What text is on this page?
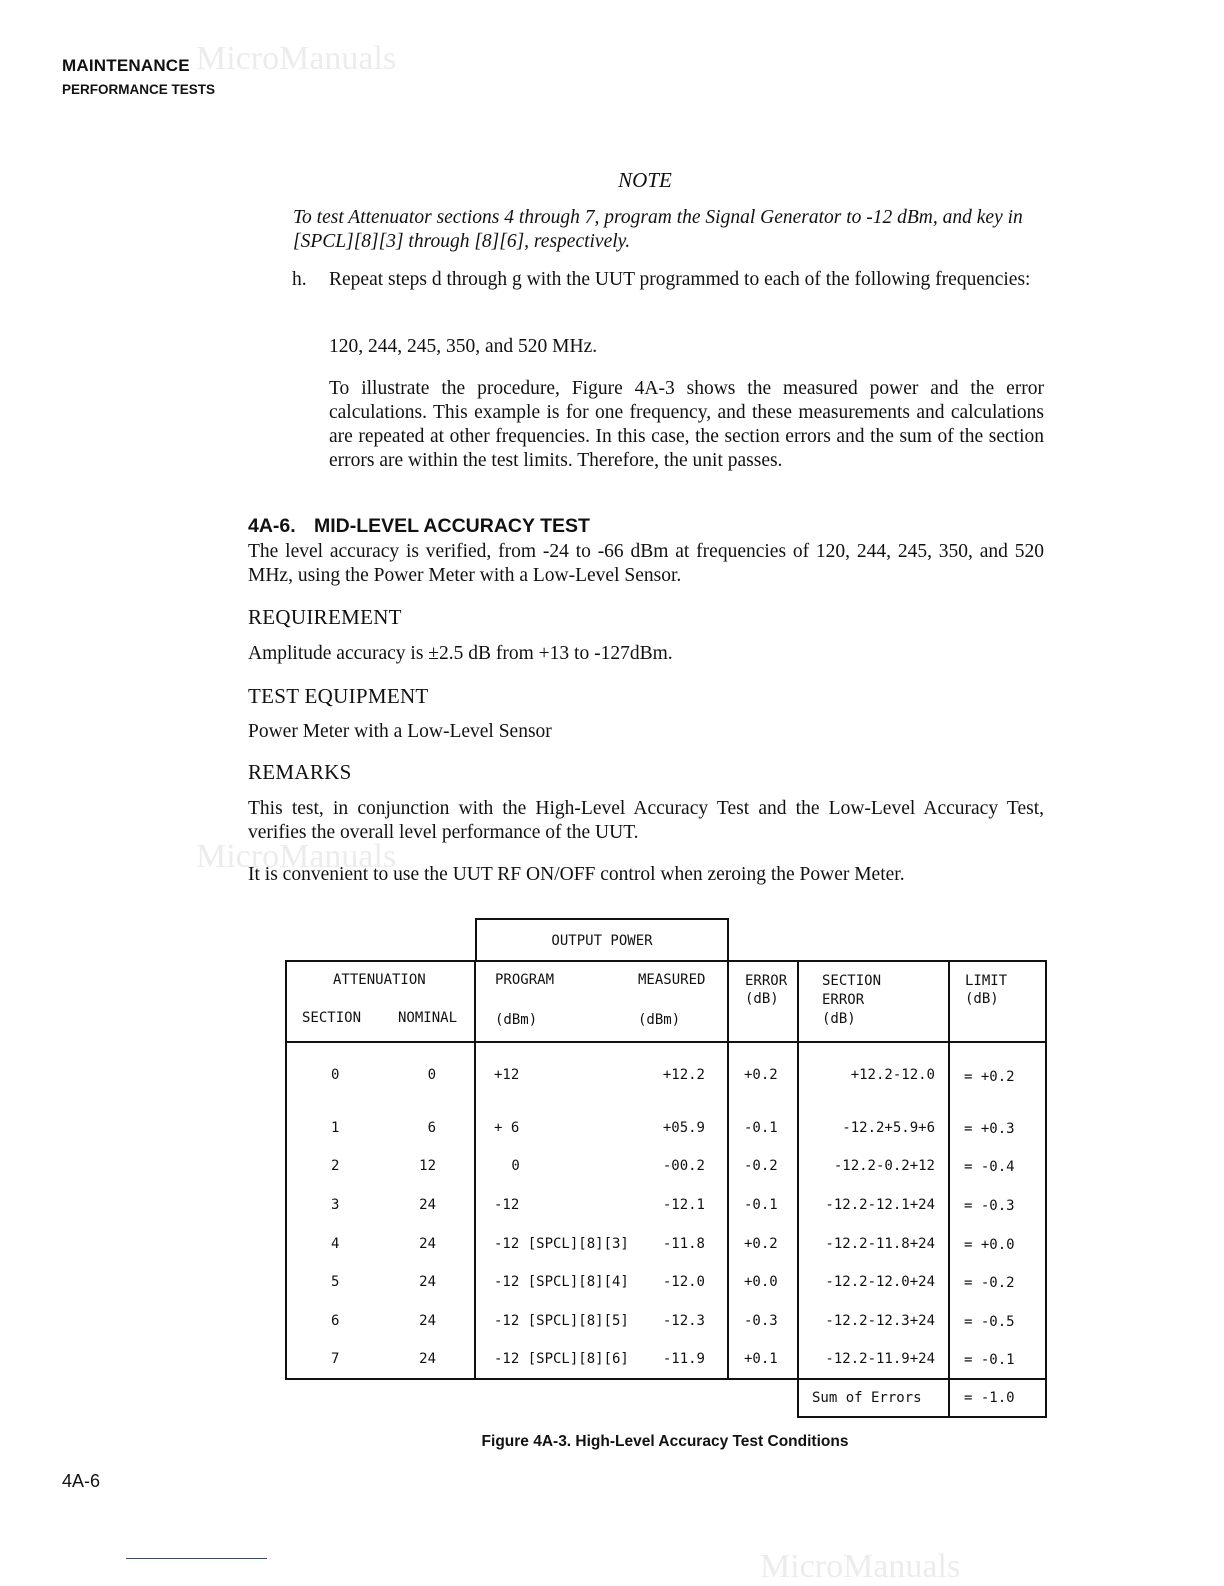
MicroManuals
MicroManuals
MicroManuals
MAINTENANCE
PERFORMANCE TESTS
NOTE
To test Attenuator sections 4 through 7, program the Signal Generator to -12 dBm, and key in [SPCL][8][3] through [8][6], respectively.
h. Repeat steps d through g with the UUT programmed to each of the following frequencies:
120, 244, 245, 350, and 520 MHz.
To illustrate the procedure, Figure 4A-3 shows the measured power and the error calculations. This example is for one frequency, and these measurements and calculations are repeated at other frequencies. In this case, the section errors and the sum of the section errors are within the test limits. Therefore, the unit passes.
4A-6. MID-LEVEL ACCURACY TEST
The level accuracy is verified, from -24 to -66 dBm at frequencies of 120, 244, 245, 350, and 520 MHz, using the Power Meter with a Low-Level Sensor.
REQUIREMENT
Amplitude accuracy is ±2.5 dB from +13 to -127dBm.
TEST EQUIPMENT
Power Meter with a Low-Level Sensor
REMARKS
This test, in conjunction with the High-Level Accuracy Test and the Low-Level Accuracy Test, verifies the overall level performance of the UUT.
It is convenient to use the UUT RF ON/OFF control when zeroing the Power Meter.
OUTPUT POWER
ATTENUATION
SECTION	NOMINAL
PROGRAM	MEASURED
(dBm)	(dBm)
ERROR
(dB)
SECTION
ERROR
(dB)
LIMIT
(dB)
0	0	+12	+12.2	+0.2	+12.2-12.0 = +0.2
1	6	+ 6	+05.9	-0.1	-12.2+5.9+6 = +0.3
2	12	0	-00.2	-0.2	-12.2-0.2+12 = -0.4
3	24	-12	-12.1	-0.1	-12.2-12.1+24 = -0.3
4	24	-12 [SPCL][8][3]	-11.8	+0.2	-12.2-11.8+24 = +0.0
5	24	-12 [SPCL][8][4]	-12.0	+0.0	-12.2-12.0+24 = -0.2
6	24	-12 [SPCL][8][5]	-12.3	-0.3	-12.2-12.3+24 = -0.5
7	24	-12 [SPCL][8][6]	-11.9	+0.1	-12.2-11.9+24 = -0.1
Sum of Errors	= -1.0
Figure 4A-3. High-Level Accuracy Test Conditions
4A-6
